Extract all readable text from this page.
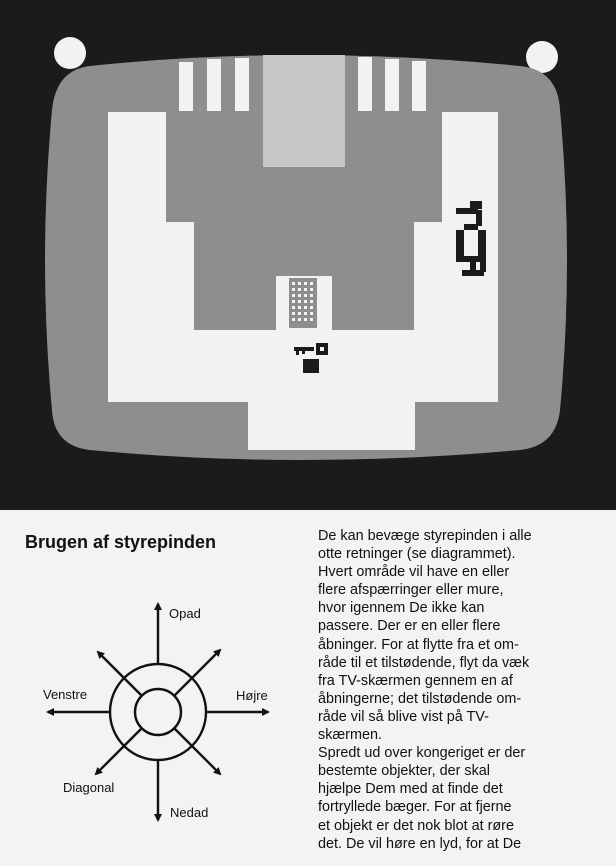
Brugen af styrepinden
Opad
Højre
Venstre
Diagonal
Nedad
De kan bevæge styrepinden i alle
otte retninger (se diagrammet).
Hvert område vil have en eller
flere afspærringer eller mure,
hvor igennem De ikke kan
passere. Der er en eller flere
åbninger. For at flytte fra et om-
råde til et tilstødende, flyt da væk
fra TV-skærmen gennem en af
åbningerne; det tilstødende om-
råde vil så blive vist på TV-
skærmen.
Spredt ud over kongeriget er der
bestemte objekter, der skal
hjælpe Dem med at finde det
fortryllede bæger. For at fjerne
et objekt er det nok blot at røre
det. De vil høre en lyd, for at De
